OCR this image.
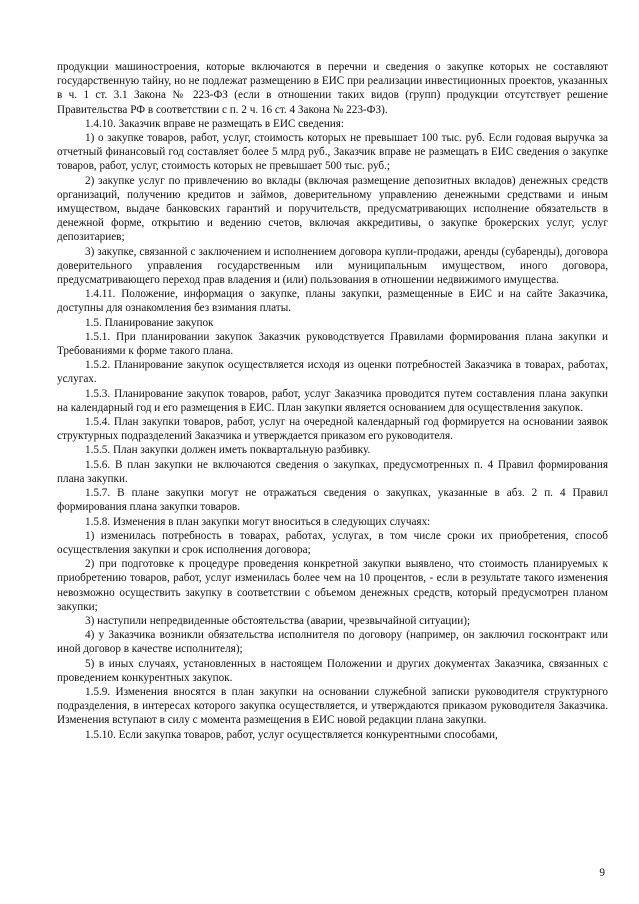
продукции машиностроения, которые включаются в перечни и сведения о закупке которых не составляют государственную тайну, но не подлежат размещению в ЕИС при реализации инвестиционных проектов, указанных в ч. 1 ст. 3.1 Закона № 223-ФЗ (если в отношении таких видов (групп) продукции отсутствует решение Правительства РФ в соответствии с п. 2 ч. 16 ст. 4 Закона № 223-ФЗ).

1.4.10. Заказчик вправе не размещать в ЕИС сведения:

1) о закупке товаров, работ, услуг, стоимость которых не превышает 100 тыс. руб. Если годовая выручка за отчетный финансовый год составляет более 5 млрд руб., Заказчик вправе не размещать в ЕИС сведения о закупке товаров, работ, услуг, стоимость которых не превышает 500 тыс. руб.;

2) закупке услуг по привлечению во вклады (включая размещение депозитных вкладов) денежных средств организаций, получению кредитов и займов, доверительному управлению денежными средствами и иным имуществом, выдаче банковских гарантий и поручительств, предусматривающих исполнение обязательств в денежной форме, открытию и ведению счетов, включая аккредитивы, о закупке брокерских услуг, услуг депозитариев;

3) закупке, связанной с заключением и исполнением договора купли-продажи, аренды (субаренды), договора доверительного управления государственным или муниципальным имуществом, иного договора, предусматривающего переход прав владения и (или) пользования в отношении недвижимого имущества.

1.4.11. Положение, информация о закупке, планы закупки, размещенные в ЕИС и на сайте Заказчика, доступны для ознакомления без взимания платы.

1.5. Планирование закупок

1.5.1. При планировании закупок Заказчик руководствуется Правилами формирования плана закупки и Требованиями к форме такого плана.

1.5.2. Планирование закупок осуществляется исходя из оценки потребностей Заказчика в товарах, работах, услугах.

1.5.3. Планирование закупок товаров, работ, услуг Заказчика проводится путем составления плана закупки на календарный год и его размещения в ЕИС. План закупки является основанием для осуществления закупок.

1.5.4. План закупки товаров, работ, услуг на очередной календарный год формируется на основании заявок структурных подразделений Заказчика и утверждается приказом его руководителя.

1.5.5. План закупки должен иметь поквартальную разбивку.

1.5.6. В план закупки не включаются сведения о закупках, предусмотренных п. 4 Правил формирования плана закупки.

1.5.7. В плане закупки могут не отражаться сведения о закупках, указанные в абз. 2 п. 4 Правил формирования плана закупки товаров.

1.5.8. Изменения в план закупки могут вноситься в следующих случаях:

1) изменилась потребность в товарах, работах, услугах, в том числе сроки их приобретения, способ осуществления закупки и срок исполнения договора;

2) при подготовке к процедуре проведения конкретной закупки выявлено, что стоимость планируемых к приобретению товаров, работ, услуг изменилась более чем на 10 процентов, - если в результате такого изменения невозможно осуществить закупку в соответствии с объемом денежных средств, который предусмотрен планом закупки;

3) наступили непредвиденные обстоятельства (аварии, чрезвычайной ситуации);

4) у Заказчика возникли обязательства исполнителя по договору (например, он заключил госконтракт или иной договор в качестве исполнителя);

5) в иных случаях, установленных в настоящем Положении и других документах Заказчика, связанных с проведением конкурентных закупок.

1.5.9. Изменения вносятся в план закупки на основании служебной записки руководителя структурного подразделения, в интересах которого закупка осуществляется, и утверждаются приказом руководителя Заказчика. Изменения вступают в силу с момента размещения в ЕИС новой редакции плана закупки.

1.5.10. Если закупка товаров, работ, услуг осуществляется конкурентными способами,

9
